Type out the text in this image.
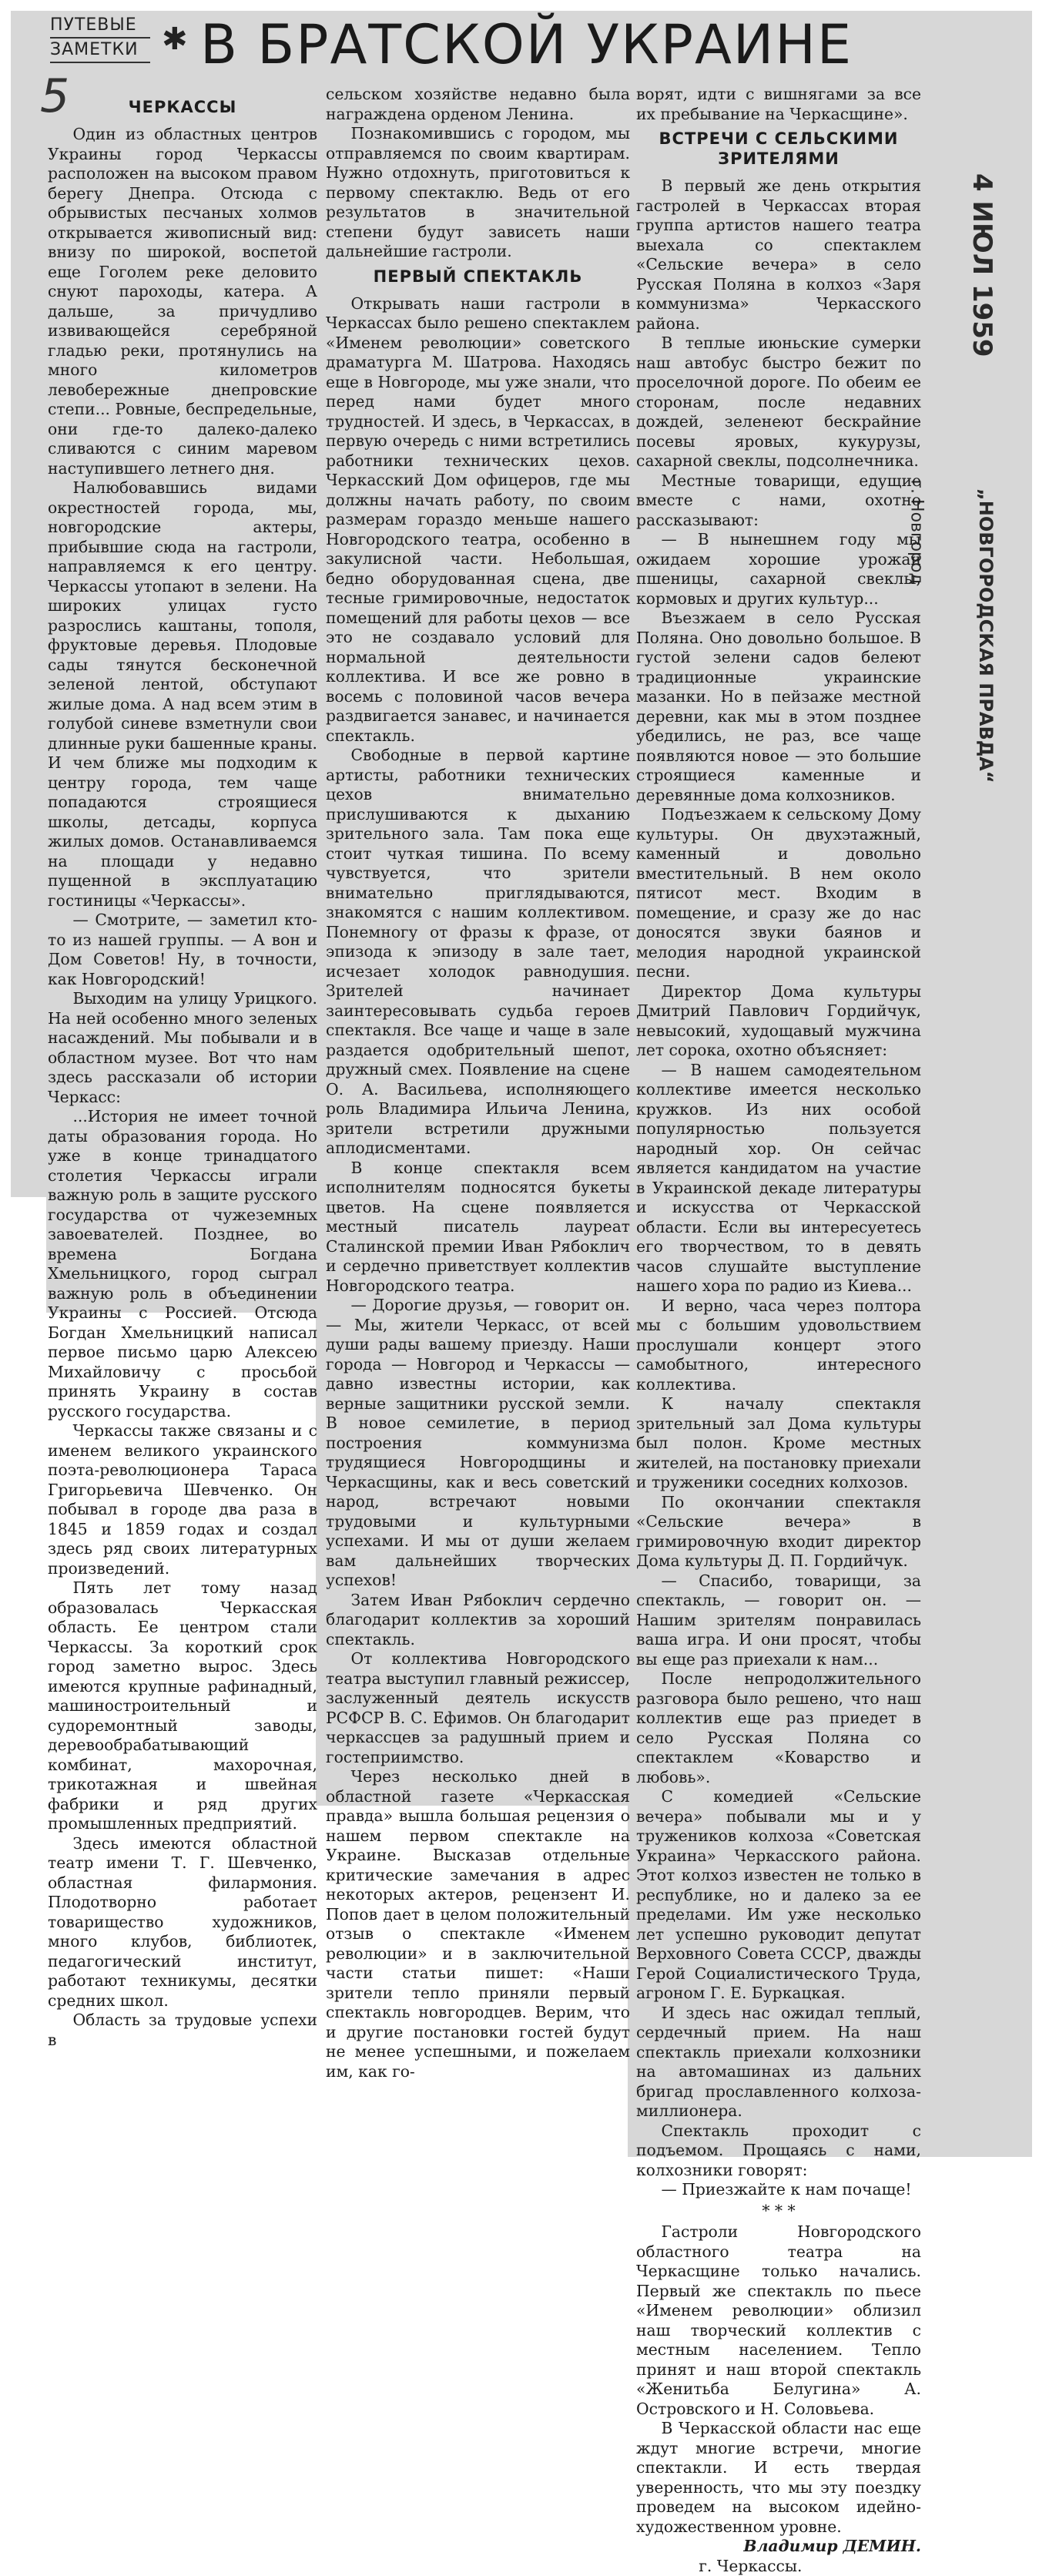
ПУТЕВЫЕ
ЗАМЕТКИ ✱ В БРАТСКОЙ УКРАИНЕ
5
4 ИЮЛ 1959
„НОВГОРОДСКАЯ ПРАВДА“
г. Новгород
ЧЕРКАССЫ

Один из областных центров Украины город Черкассы расположен на высоком правом берегу Днепра. Отсюда с обрывистых песчаных холмов открывается живописный вид: внизу по широкой, воспетой еще Гоголем реке деловито снуют пароходы, катера. А дальше, за причудливо извивающейся серебряной гладью реки, протянулись на много километров левобережные днепровские степи... Ровные, беспредельные, они где-то далеко-далеко сливаются с синим маревом наступившего летнего дня.

Налюбовавшись видами окрестностей города, мы, новгородские актеры, прибывшие сюда на гастроли, направляемся к его центру. Черкассы утопают в зелени. На широких улицах густо разрослись каштаны, тополя, фруктовые деревья. Плодовые сады тянутся бесконечной зеленой лентой, обступают жилые дома. А над всем этим в голубой синеве взметнули свои длинные руки башенные краны. И чем ближе мы подходим к центру города, тем чаще попадаются строящиеся школы, детсады, корпуса жилых домов. Останавливаемся на площади у недавно пущенной в эксплуатацию гостиницы «Черкассы».

— Смотрите, — заметил кто-то из нашей группы. — А вон и Дом Советов! Ну, в точности, как Новгородский!

Выходим на улицу Урицкого. На ней особенно много зеленых насаждений. Мы побывали и в областном музее. Вот что нам здесь рассказали об истории Черкасс:

...История не имеет точной даты образования города. Но уже в конце тринадцатого столетия Черкассы играли важную роль в защите русского государства от чужеземных завоевателей. Позднее, во времена Богдана Хмельницкого, город сыграл важную роль в объединении Украины с Россией. Отсюда Богдан Хмельницкий написал первое письмо царю Алексею Михайловичу с просьбой принять Украину в состав русского государства.

Черкассы также связаны и с именем великого украинского поэта-революционера Тараса Григорьевича Шевченко. Он побывал в городе два раза в 1845 и 1859 годах и создал здесь ряд своих литературных произведений.

Пять лет тому назад образовалась Черкасская область. Ее центром стали Черкассы. За короткий срок город заметно вырос. Здесь имеются крупные рафинадный, машиностроительный и судоремонтный заводы, деревообрабатывающий комбинат, махорочная, трикотажная и швейная фабрики и ряд других промышленных предприятий.

Здесь имеются областной театр имени Т. Г. Шевченко, областная филармония. Плодотворно работает товарищество художников, много клубов, библиотек, педагогический институт, работают техникумы, десятки средних школ.

Область за трудовые успехи в

сельском хозяйстве недавно была награждена орденом Ленина.

Познакомившись с городом, мы отправляемся по своим квартирам. Нужно отдохнуть, приготовиться к первому спектаклю. Ведь от его результатов в значительной степени будут зависеть наши дальнейшие гастроли.

ПЕРВЫЙ СПЕКТАКЛЬ

Открывать наши гастроли в Черкассах было решено спектаклем «Именем революции» советского драматурга М. Шатрова. Находясь еще в Новгороде, мы уже знали, что перед нами будет много трудностей. И здесь, в Черкассах, в первую очередь с ними встретились работники технических цехов. Черкасский Дом офицеров, где мы должны начать работу, по своим размерам гораздо меньше нашего Новгородского театра, особенно в закулисной части. Небольшая, бедно оборудованная сцена, две тесные гримировочные, недостаток помещений для работы цехов — все это не создавало условий для нормальной деятельности коллектива. И все же ровно в восемь с половиной часов вечера раздвигается занавес, и начинается спектакль.

Свободные в первой картине артисты, работники технических цехов внимательно прислушиваются к дыханию зрительного зала. Там пока еще стоит чуткая тишина. По всему чувствуется, что зрители внимательно приглядываются, знакомятся с нашим коллективом. Понемногу от фразы к фразе, от эпизода к эпизоду в зале тает, исчезает холодок равнодушия. Зрителей начинает заинтересовывать судьба героев спектакля. Все чаще и чаще в зале раздается одобрительный шепот, дружный смех. Появление на сцене О. А. Васильева, исполняющего роль Владимира Ильича Ленина, зрители встретили дружными аплодисментами.

В конце спектакля всем исполнителям подносятся букеты цветов. На сцене появляется местный писатель лауреат Сталинской премии Иван Рябоклич и сердечно приветствует коллектив Новгородского театра.

— Дорогие друзья, — говорит он. — Мы, жители Черкасс, от всей души рады вашему приезду. Наши города — Новгород и Черкассы — давно известны истории, как верные защитники русской земли. В новое семилетие, в период построения коммунизма трудящиеся Новгородщины и Черкасщины, как и весь советский народ, встречают новыми трудовыми и культурными успехами. И мы от души желаем вам дальнейших творческих успехов!

Затем Иван Рябоклич сердечно благодарит коллектив за хороший спектакль.

От коллектива Новгородского театра выступил главный режиссер, заслуженный деятель искусств РСФСР В. С. Ефимов. Он благодарит черкассцев за радушный прием и гостеприимство.

Через несколько дней в областной газете «Черкасская правда» вышла большая рецензия о нашем первом спектакле на Украине. Высказав отдельные критические замечания в адрес некоторых актеров, рецензент И. Попов дает в целом положительный отзыв о спектакле «Именем революции» и в заключительной части статьи пишет: «Наши зрители тепло приняли первый спектакль новгородцев. Верим, что и другие постановки гостей будут не менее успешными, и пожелаем им, как го-

ворят, идти с вишнягами за все их пребывание на Черкасщине».

ВСТРЕЧИ С СЕЛЬСКИМИ ЗРИТЕЛЯМИ

В первый же день открытия гастролей в Черкассах вторая группа артистов нашего театра выехала со спектаклем «Сельские вечера» в село Русская Поляна в колхоз «Заря коммунизма» Черкасского района.

В теплые июньские сумерки наш автобус быстро бежит по проселочной дороге. По обеим ее сторонам, после недавних дождей, зеленеют бескрайние посевы яровых, кукурузы, сахарной свеклы, подсолнечника.

Местные товарищи, едущие вместе с нами, охотно рассказывают:

— В нынешнем году мы ожидаем хорошие урожаи пшеницы, сахарной свеклы, кормовых и других культур...

Въезжаем в село Русская Поляна. Оно довольно большое. В густой зелени садов белеют традиционные украинские мазанки. Но в пейзаже местной деревни, как мы в этом позднее убедились, не раз, все чаще появляются новое — это большие строящиеся каменные и деревянные дома колхозников.

Подъезжаем к сельскому Дому культуры. Он двухэтажный, каменный и довольно вместительный. В нем около пятисот мест. Входим в помещение, и сразу же до нас доносятся звуки баянов и мелодия народной украинской песни.

Директор Дома культуры Дмитрий Павлович Гордийчук, невысокий, худощавый мужчина лет сорока, охотно объясняет:

— В нашем самодеятельном коллективе имеется несколько кружков. Из них особой популярностью пользуется народный хор. Он сейчас является кандидатом на участие в Украинской декаде литературы и искусства от Черкасской области. Если вы интересуетесь его творчеством, то в девять часов слушайте выступление нашего хора по радио из Киева...

И верно, часа через полтора мы с большим удовольствием прослушали концерт этого самобытного, интересного коллектива.

К началу спектакля зрительный зал Дома культуры был полон. Кроме местных жителей, на постановку приехали и труженики соседних колхозов.

По окончании спектакля «Сельские вечера» в гримировочную входит директор Дома культуры Д. П. Гордийчук.

— Спасибо, товарищи, за спектакль, — говорит он. — Нашим зрителям понравилась ваша игра. И они просят, чтобы вы еще раз приехали к нам...

После непродолжительного разговора было решено, что наш коллектив еще раз приедет в село Русская Поляна со спектаклем «Коварство и любовь».

С комедией «Сельские вечера» побывали мы и у тружеников колхоза «Советская Украина» Черкасского района. Этот колхоз известен не только в республике, но и далеко за ее пределами. Им уже несколько лет успешно руководит депутат Верховного Совета СССР, дважды Герой Социалистического Труда, агроном Г. Е. Буркацкая.

И здесь нас ожидал теплый, сердечный прием. На наш спектакль приехали колхозники на автомашинах из дальних бригад прославленного колхоза-миллионера.

Спектакль проходит с подъемом. Прощаясь с нами, колхозники говорят:

— Приезжайте к нам почаще!

* * *

Гастроли Новгородского областного театра на Черкасщине только начались. Первый же спектакль по пьесе «Именем революции» облизил наш творческий коллектив с местным населением. Тепло принят и наш второй спектакль «Женитьба Белугина» А. Островского и Н. Соловьева.

В Черкасской области нас еще ждут многие встречи, многие спектакли. И есть твердая уверенность, что мы эту поездку проведем на высоком идейно-художественном уровне.

Владимир ДЕМИН.

г. Черкассы.
